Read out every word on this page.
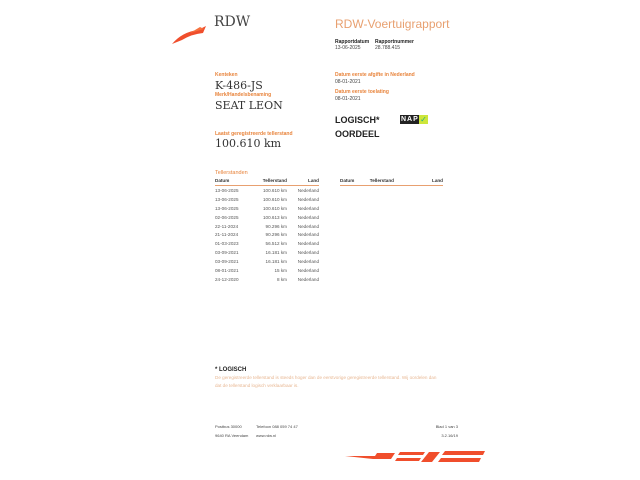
RDW	RDW-Voertuigrapport
Rapportdatum
13-06-2025
Rapportnummer
28.788.415
Kenteken
K-486-JS
Merk/Handelsbenaming
SEAT LEON
Laatst geregistreerde tellerstand
100.610 km
Datum eerste afgifte in Nederland
08-01-2021
Datum eerste toelating
08-01-2021
LOGISCH*
OORDEEL
NAP ✓
Tellerstanden
Datum	Tellerstand	Land
13-06-2025	100.610 km	Nederland
13-06-2025	100.610 km	Nederland
13-06-2025	100.610 km	Nederland
02-06-2025	100.613 km	Nederland
22-11-2024	90.296 km	Nederland
21-11-2024	90.296 km	Nederland
01-03-2023	56.512 km	Nederland
03-09-2021	16.181 km	Nederland
03-09-2021	16.181 km	Nederland
08-01-2021	15 km	Nederland
24-12-2020	8 km	Nederland
Datum	Tellerstand	Land
* LOGISCH
De geregistreerde tellerstand is steeds hoger dan de eerstvorige geregistreerde tellerstand. Wij oordelen dan
dat de tellerstand logisch verklaarbaar is.
Postbus 30000
9640 RA Veendam
Telefoon 088 059 74 47
www.rdw.nl
Blad 1 van 3
3.2.16/19
